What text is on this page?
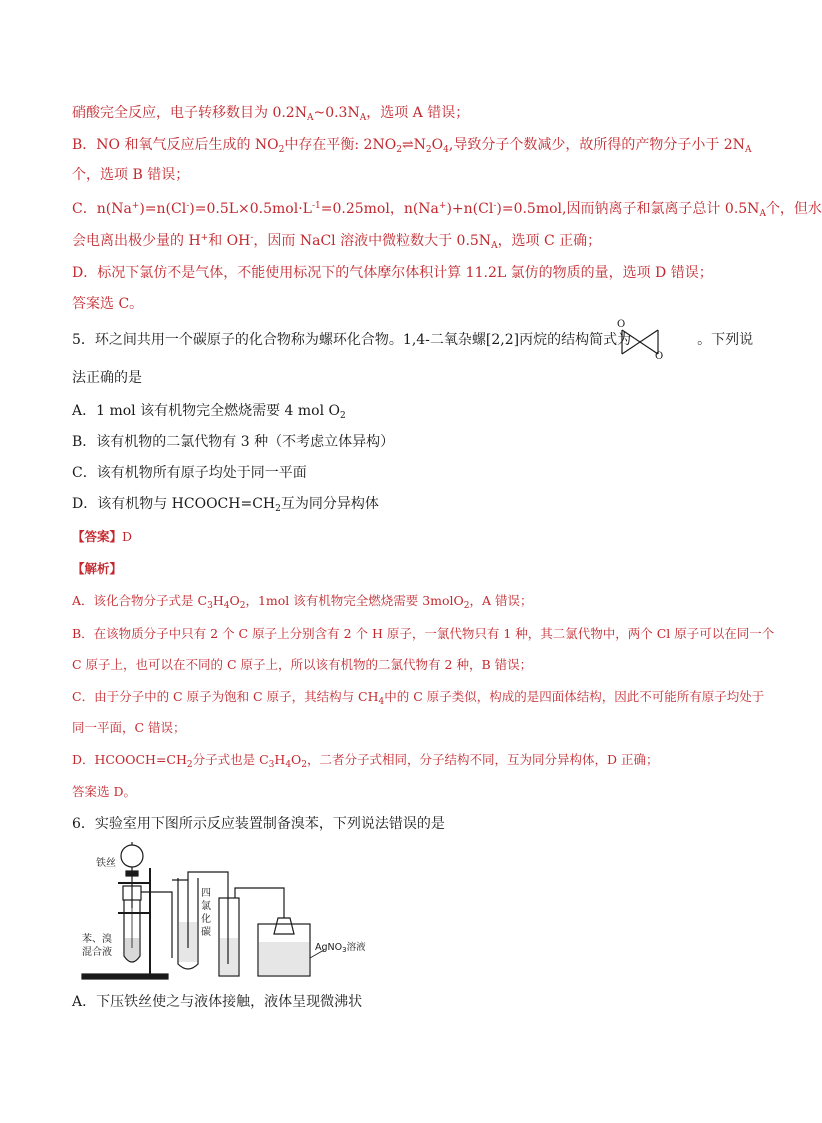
硝酸完全反应，电子转移数目为 $0.2N_A\sim 0.3N_A$，选项 A 错误；
B．NO 和氧气反应后生成的 $NO_2$中存在平衡: $2NO_2\rightleftharpoons N_2O_4$,导致分子个数减少，故所得的产物分子小于 $2N_A$
个，选项 B 错误；
C．$n(Na^+)=n(Cl^-)=0.5L\times 0.5mol\cdot L^{-1}=0.25mol$，n(Na+)+n(Cl-)=0.5mol,因而钠离子和氯离子总计 $0.5N_A$个，但水
会电离出极少量的 H+和 OH-，因而 NaCl 溶液中微粒数大于 $0.5N_A$，选项 C 正确；
D．标况下氯仿不是气体，不能使用标况下的气体摩尔体积计算 11.2L 氯仿的物质的量，选项 D 错误；
答案选 C。
5．环之间共用一个碳原子的化合物称为螺环化合物。1,4-二氧杂螺[2,2]丙烷的结构简式为	。下列说
O
O
法正确的是
A．1 mol 该有机物完全燃烧需要 4 mol $O_2$
B．该有机物的二氯代物有 3 种（不考虑立体异构）
C．该有机物所有原子均处于同一平面
D．该有机物与 $HCOOCH=CH_2$互为同分异构体
【答案】D
【解析】
A．该化合物分子式是 $C_3H_4O_2$，1mol 该有机物完全燃烧需要 3molO$_2$，A 错误；
B．在该物质分子中只有 2 个 C 原子上分别含有 2 个 H 原子，一氯代物只有 1 种，其二氯代物中，两个 Cl 原子可以在同一个
C 原子上，也可以在不同的 C 原子上，所以该有机物的二氯代物有 2 种，B 错误；
C．由于分子中的 C 原子为饱和 C 原子，其结构与 $CH_4$中的 C 原子类似，构成的是四面体结构，因此不可能所有原子均处于
同一平面，C 错误；
D．$HCOOCH=CH_2$分子式也是 $C_3H_4O_2$，二者分子式相同，分子结构不同，互为同分异构体，D 正确；
答案选 D。
6．实验室用下图所示反应装置制备溴苯，下列说法错误的是
铁丝
苯、溴
混合液
四
氯
化
碳
AgNO$_3$溶液
A．下压铁丝使之与液体接触，液体呈现微沸状
